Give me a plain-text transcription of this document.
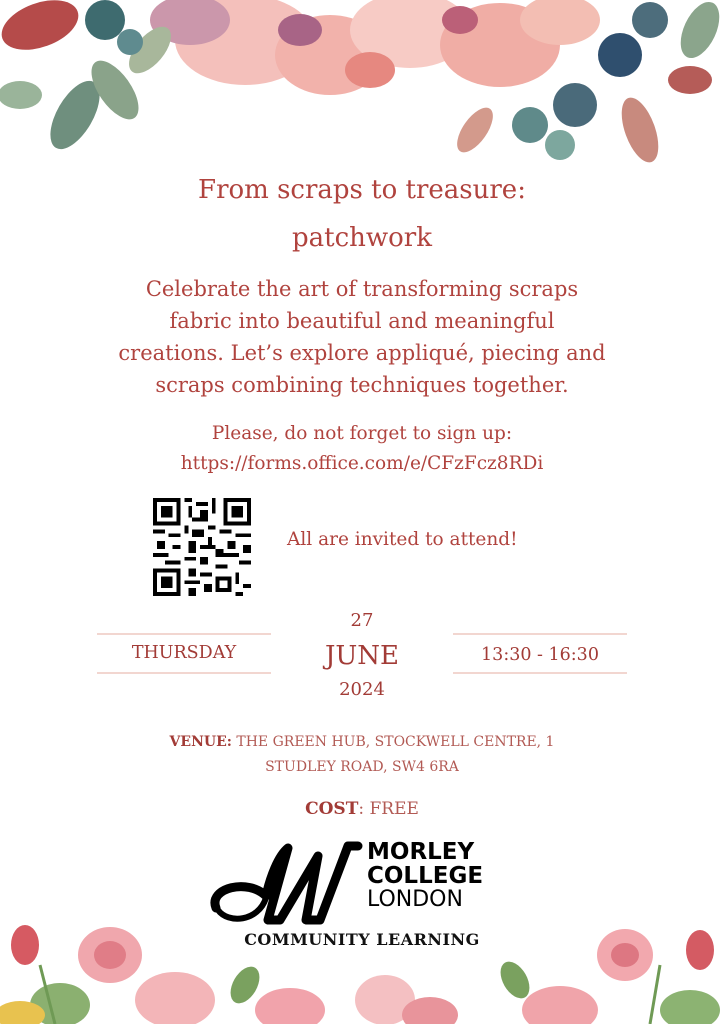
From scraps to treasure:
patchwork
Celebrate the art of transforming scraps
fabric into beautiful and meaningful
creations. Let’s explore appliqué, piecing and
scraps combining techniques together.
Please, do not forget to sign up:
https://forms.office.com/e/CFzFcz8RDi
All are invited to attend!
THURSDAY	13:30 - 16:30
27
JUNE
2024
VENUE: THE GREEN HUB, STOCKWELL CENTRE, 1
STUDLEY ROAD, SW4 6RA
COST: FREE
MORLEY
COLLEGE
LONDON
COMMUNITY LEARNING
